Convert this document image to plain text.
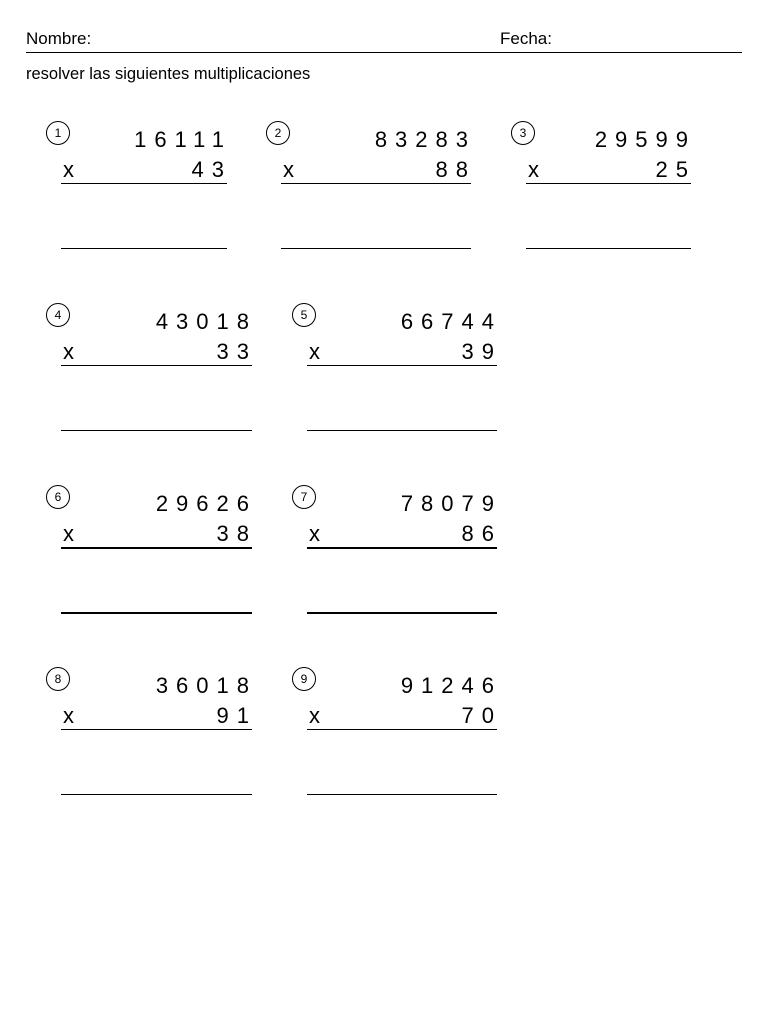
Nombre:	Fecha:
resolver las siguientes multiplicaciones
1	16111
x	43
2	83283
x	88
3	29599
x	25
4	43018
x	33
5	66744
x	39
6	29626
x	38
7	78079
x	86
8	36018
x	91
9	91246
x	70
